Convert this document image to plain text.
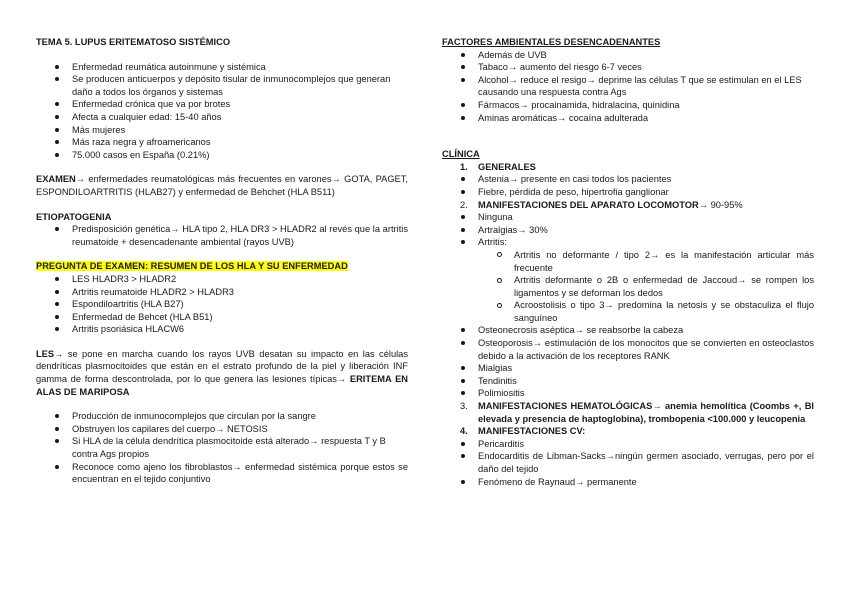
TEMA 5. LUPUS ERITEMATOSO SISTÉMICO

Enfermedad reumática autoinmune y sistémica
Se producen anticuerpos y depósito tisular de inmunocomplejos que generan daño a todos los órganos y sistemas
Enfermedad crónica que va por brotes
Afecta a cualquier edad: 15-40 años
Más mujeres
Más raza negra y afroamericanos
75.000 casos en España (0.21%)

EXAMEN→ enfermedades reumatológicas más frecuentes en varones→ GOTA, PAGET, ESPONDILOARTRITIS (HLAB27) y enfermedad de Behchet (HLA B511)

ETIOPATOGENIA

Predisposición genética→ HLA tipo 2, HLA DR3 > HLADR2 al revés que la artritis reumatoide + desencadenante ambiental (rayos UVB)

PREGUNTA DE EXAMEN: RESUMEN DE LOS HLA Y SU ENFERMEDAD

LES HLADR3 > HLADR2
Artritis reumatoide HLADR2 > HLADR3
Espondiloartritis (HLA B27)
Enfermedad de Behcet (HLA B51)
Artritis psoriásica HLACW6

LES→ se pone en marcha cuando los rayos UVB desatan su impacto en las células dendríticas plasmocitoides que están en el estrato profundo de la piel y liberación INF gamma de forma descontrolada, por lo que genera las lesiones típicas→ ERITEMA EN ALAS DE MARIPOSA

Producción de inmunocomplejos que circulan por la sangre
Obstruyen los capilares del cuerpo→ NETOSIS
Si HLA de la célula dendrítica plasmocitoide está alterado→ respuesta T y B contra Ags propios
Reconoce como ajeno los fibroblastos→ enfermedad sistémica porque estos se encuentran en el tejido conjuntivo

FACTORES AMBIENTALES DESENCADENANTES

Además de UVB
Tabaco→ aumento del riesgo 6-7 veces
Alcohol→ reduce el resigo→ deprime las células T que se estimulan en el LES causando una respuesta contra Ags
Fármacos→ procainamida, hidralacina, quinidina
Aminas aromáticas→ cocaína adulterada

CLÍNICA

1. GENERALES

Astenia→ presente en casi todos los pacientes
Fiebre, pérdida de peso, hipertrofia ganglionar

2. MANIFESTACIONES DEL APARATO LOCOMOTOR→ 90-95%

Ninguna
Artralgias→ 30%
Artritis:
Artritis no deformante / tipo 2→ es la manifestación articular más frecuente
Artritis deformante o 2B o enfermedad de Jaccoud→ se rompen los ligamentos y se deforman los dedos
Acroostolisis o tipo 3→ predomina la netosis y se obstaculiza el flujo sanguíneo
Osteonecrosis aséptica→ se reabsorbe la cabeza
Osteoporosis→ estimulación de los monocitos que se convierten en osteoclastos debido a la activación de los receptores RANK
Mialgias
Tendinitis
Polimiositis

3. MANIFESTACIONES HEMATOLÓGICAS→ anemia hemolítica (Coombs +, Bl elevada y presencia de haptoglobina), trombopenia <100.000 y leucopenia

4. MANIFESTACIONES CV:

Pericarditis
Endocarditis de Libman-Sacks→ningún germen asociado, verrugas, pero por el daño del tejido
Fenómeno de Raynaud→ permanente
